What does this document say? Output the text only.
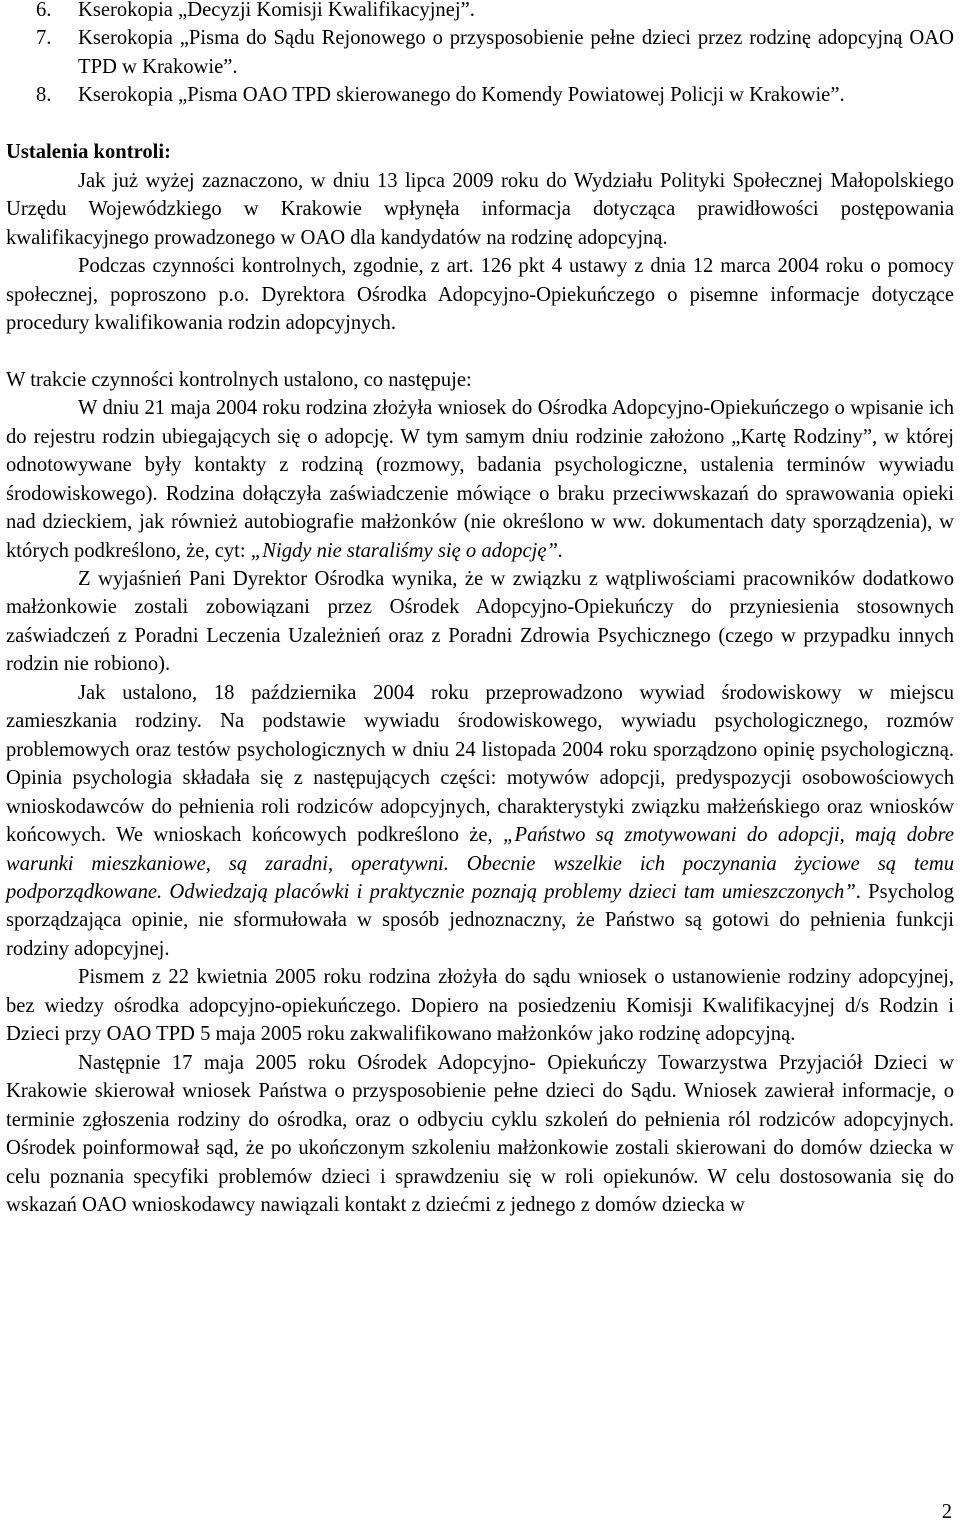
6. Kserokopia „Decyzji Komisji Kwalifikacyjnej”.
7. Kserokopia „Pisma do Sądu Rejonowego o przysposobienie pełne dzieci przez rodzinę adopcyjną OAO TPD w Krakowie”.
8. Kserokopia „Pisma OAO TPD skierowanego do Komendy Powiatowej Policji w Krakowie”.
Ustalenia kontroli:

Jak już wyżej zaznaczono, w dniu 13 lipca 2009 roku do Wydziału Polityki Społecznej Małopolskiego Urzędu Wojewódzkiego w Krakowie wpłynęła informacja dotycząca prawidłowości postępowania kwalifikacyjnego prowadzonego w OAO dla kandydatów na rodzinę adopcyjną.

Podczas czynności kontrolnych, zgodnie, z art. 126 pkt 4 ustawy z dnia 12 marca 2004 roku o pomocy społecznej, poproszono p.o. Dyrektora Ośrodka Adopcyjno-Opiekuńczego o pisemne informacje dotyczące procedury kwalifikowania rodzin adopcyjnych.

W trakcie czynności kontrolnych ustalono, co następuje:

W dniu 21 maja 2004 roku rodzina złożyła wniosek do Ośrodka Adopcyjno-Opiekuńczego o wpisanie ich do rejestru rodzin ubiegających się o adopcję. W tym samym dniu rodzinie założono „Kartę Rodziny”, w której odnotowywane były kontakty z rodziną (rozmowy, badania psychologiczne, ustalenia terminów wywiadu środowiskowego). Rodzina dołączyła zaświadczenie mówiące o braku przeciwwskazań do sprawowania opieki nad dzieckiem, jak również autobiografie małżonków (nie określono w ww. dokumentach daty sporządzenia), w których podkreślono, że, cyt: „Nigdy nie staraliśmy się o adopcję”.

Z wyjaśnień Pani Dyrektor Ośrodka wynika, że w związku z wątpliwościami pracowników dodatkowo małżonkowie zostali zobowiązani przez Ośrodek Adopcyjno-Opiekuńczy do przyniesienia stosownych zaświadczeń z Poradni Leczenia Uzależnień oraz z Poradni Zdrowia Psychicznego (czego w przypadku innych rodzin nie robiono).

Jak ustalono, 18 października 2004 roku przeprowadzono wywiad środowiskowy w miejscu zamieszkania rodziny. Na podstawie wywiadu środowiskowego, wywiadu psychologicznego, rozmów problemowych oraz testów psychologicznych w dniu 24 listopada 2004 roku sporządzono opinię psychologiczną. Opinia psychologia składała się z następujących części: motywów adopcji, predyspozycji osobowościowych wnioskodawców do pełnienia roli rodziców adopcyjnych, charakterystyki związku małżeńskiego oraz wniosków końcowych. We wnioskach końcowych podkreślono że, „Państwo są zmotywowani do adopcji, mają dobre warunki mieszkaniowe, są zaradni, operatywni. Obecnie wszelkie ich poczynania życiowe są temu podporządkowane. Odwiedzają placówki i praktycznie poznają problemy dzieci tam umieszczonych”. Psycholog sporządzająca opinie, nie sformułowała w sposób jednoznaczny, że Państwo są gotowi do pełnienia funkcji rodziny adopcyjnej.

Pismem z 22 kwietnia 2005 roku rodzina złożyła do sądu wniosek o ustanowienie rodziny adopcyjnej, bez wiedzy ośrodka adopcyjno-opiekuńczego. Dopiero na posiedzeniu Komisji Kwalifikacyjnej d/s Rodzin i Dzieci przy OAO TPD 5 maja 2005 roku zakwalifikowano małżonków jako rodzinę adopcyjną.

Następnie 17 maja 2005 roku Ośrodek Adopcyjno- Opiekuńczy Towarzystwa Przyjaciół Dzieci w Krakowie skierował wniosek Państwa o przysposobienie pełne dzieci do Sądu. Wniosek zawierał informacje, o terminie zgłoszenia rodziny do ośrodka, oraz o odbyciu cyklu szkoleń do pełnienia ról rodziców adopcyjnych. Ośrodek poinformował sąd, że po ukończonym szkoleniu małżonkowie zostali skierowani do domów dziecka w celu poznania specyfiki problemów dzieci i sprawdzeniu się w roli opiekunów. W celu dostosowania się do wskazań OAO wnioskodawcy nawiązali kontakt z dziećmi z jednego z domów dziecka w

2
